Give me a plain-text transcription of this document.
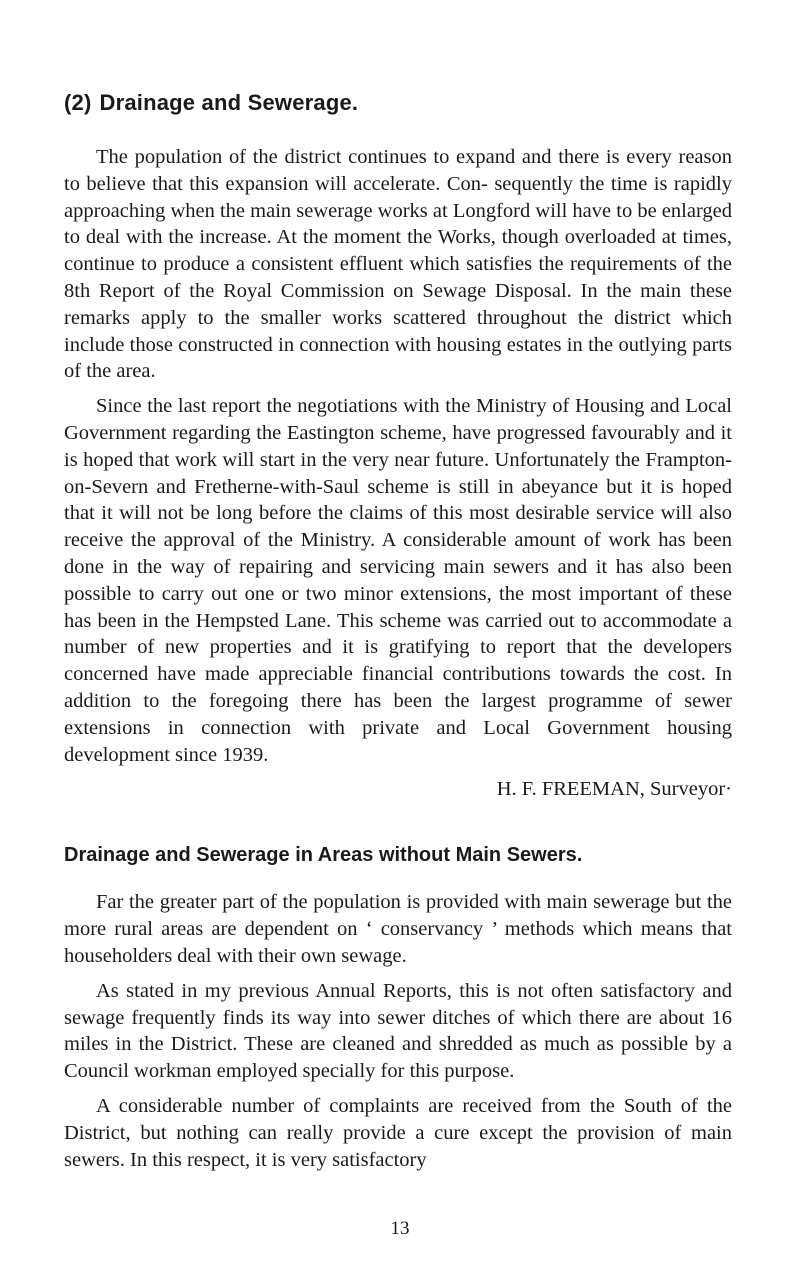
(2) Drainage and Sewerage.

The population of the district continues to expand and there is every reason to believe that this expansion will accelerate. Con- sequently the time is rapidly approaching when the main sewerage works at Longford will have to be enlarged to deal with the increase. At the moment the Works, though overloaded at times, continue to produce a consistent effluent which satisfies the requirements of the 8th Report of the Royal Commission on Sewage Disposal. In the main these remarks apply to the smaller works scattered throughout the district which include those constructed in connection with housing estates in the outlying parts of the area.

Since the last report the negotiations with the Ministry of Housing and Local Government regarding the Eastington scheme, have progressed favourably and it is hoped that work will start in the very near future. Unfortunately the Frampton-on-Severn and Fretherne-with-Saul scheme is still in abeyance but it is hoped that it will not be long before the claims of this most desirable service will also receive the approval of the Ministry. A considerable amount of work has been done in the way of repairing and servicing main sewers and it has also been possible to carry out one or two minor extensions, the most important of these has been in the Hempsted Lane. This scheme was carried out to accommodate a number of new properties and it is gratifying to report that the developers concerned have made appreciable financial contributions towards the cost. In addition to the foregoing there has been the largest programme of sewer extensions in connection with private and Local Government housing development since 1939.

H. F. FREEMAN, Surveyor·
Drainage and Sewerage in Areas without Main Sewers.

Far the greater part of the population is provided with main sewerage but the more rural areas are dependent on ‘ conservancy ’ methods which means that householders deal with their own sewage.

As stated in my previous Annual Reports, this is not often satisfactory and sewage frequently finds its way into sewer ditches of which there are about 16 miles in the District. These are cleaned and shredded as much as possible by a Council workman employed specially for this purpose.

A considerable number of complaints are received from the South of the District, but nothing can really provide a cure except the provision of main sewers. In this respect, it is very satisfactory

13
